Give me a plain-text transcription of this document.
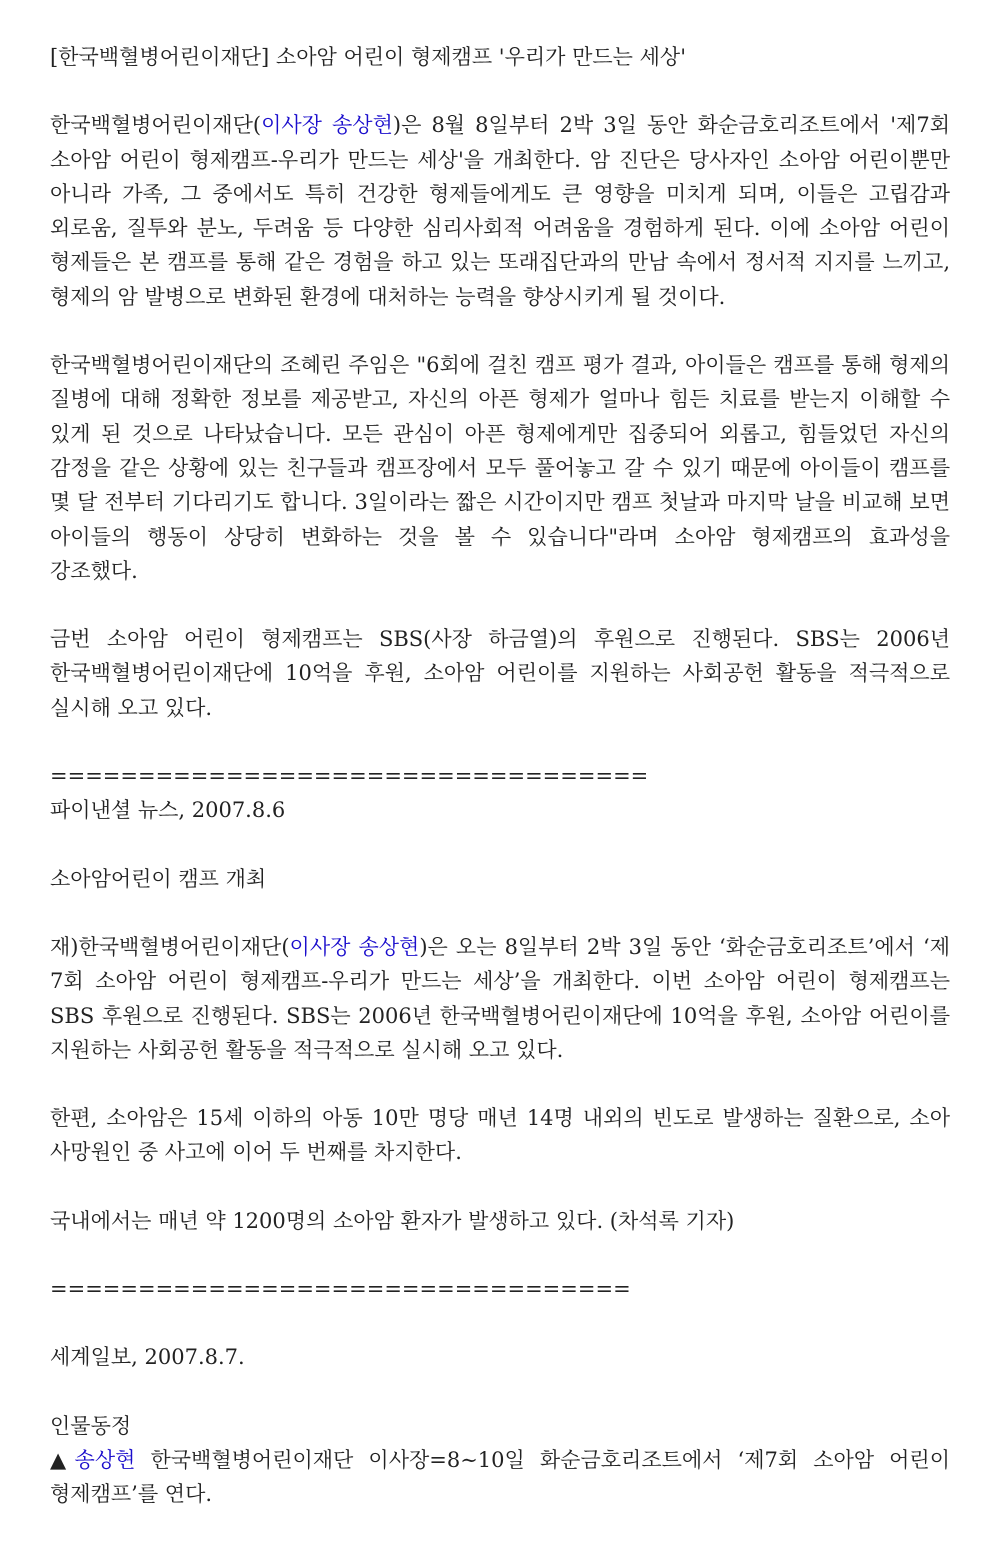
[한국백혈병어린이재단] 소아암 어린이 형제캠프 '우리가 만드는 세상'

한국백혈병어린이재단(이사장 송상현)은 8월 8일부터 2박 3일 동안 화순금호리조트에서 '제7회 소아암 어린이 형제캠프-우리가 만드는 세상'을 개최한다. 암 진단은 당사자인 소아암 어린이뿐만 아니라 가족, 그 중에서도 특히 건강한 형제들에게도 큰 영향을 미치게 되며, 이들은 고립감과 외로움, 질투와 분노, 두려움 등 다양한 심리사회적 어려움을 경험하게 된다. 이에 소아암 어린이 형제들은 본 캠프를 통해 같은 경험을 하고 있는 또래집단과의 만남 속에서 정서적 지지를 느끼고, 형제의 암 발병으로 변화된 환경에 대처하는 능력을 향상시키게 될 것이다.

한국백혈병어린이재단의 조혜린 주임은 "6회에 걸친 캠프 평가 결과, 아이들은 캠프를 통해 형제의 질병에 대해 정확한 정보를 제공받고, 자신의 아픈 형제가 얼마나 힘든 치료를 받는지 이해할 수 있게 된 것으로 나타났습니다. 모든 관심이 아픈 형제에게만 집중되어 외롭고, 힘들었던 자신의 감정을 같은 상황에 있는 친구들과 캠프장에서 모두 풀어놓고 갈 수 있기 때문에 아이들이 캠프를 몇 달 전부터 기다리기도 합니다. 3일이라는 짧은 시간이지만 캠프 첫날과 마지막 날을 비교해 보면 아이들의 행동이 상당히 변화하는 것을 볼 수 있습니다"라며 소아암 형제캠프의 효과성을 강조했다.

금번 소아암 어린이 형제캠프는 SBS(사장 하금열)의 후원으로 진행된다. SBS는 2006년 한국백혈병어린이재단에 10억을 후원, 소아암 어린이를 지원하는 사회공헌 활동을 적극적으로 실시해 오고 있다.

==================================

파이낸셜 뉴스, 2007.8.6

소아암어린이 캠프 개최

재)한국백혈병어린이재단(이사장 송상현)은 오는 8일부터 2박 3일 동안 ‘화순금호리조트’에서 ‘제 7회 소아암 어린이 형제캠프-우리가 만드는 세상’을 개최한다. 이번 소아암 어린이 형제캠프는 SBS 후원으로 진행된다. SBS는 2006년 한국백혈병어린이재단에 10억을 후원, 소아암 어린이를 지원하는 사회공헌 활동을 적극적으로 실시해 오고 있다.

한편, 소아암은 15세 이하의 아동 10만 명당 매년 14명 내외의 빈도로 발생하는 질환으로, 소아 사망원인 중 사고에 이어 두 번째를 차지한다.

국내에서는 매년 약 1200명의 소아암 환자가 발생하고 있다. (차석록 기자)

=================================

세계일보, 2007.8.7.

인물동정

▲송상현 한국백혈병어린이재단 이사장=8∼10일 화순금호리조트에서 ‘제7회 소아암 어린이 형제캠프’를 연다.
